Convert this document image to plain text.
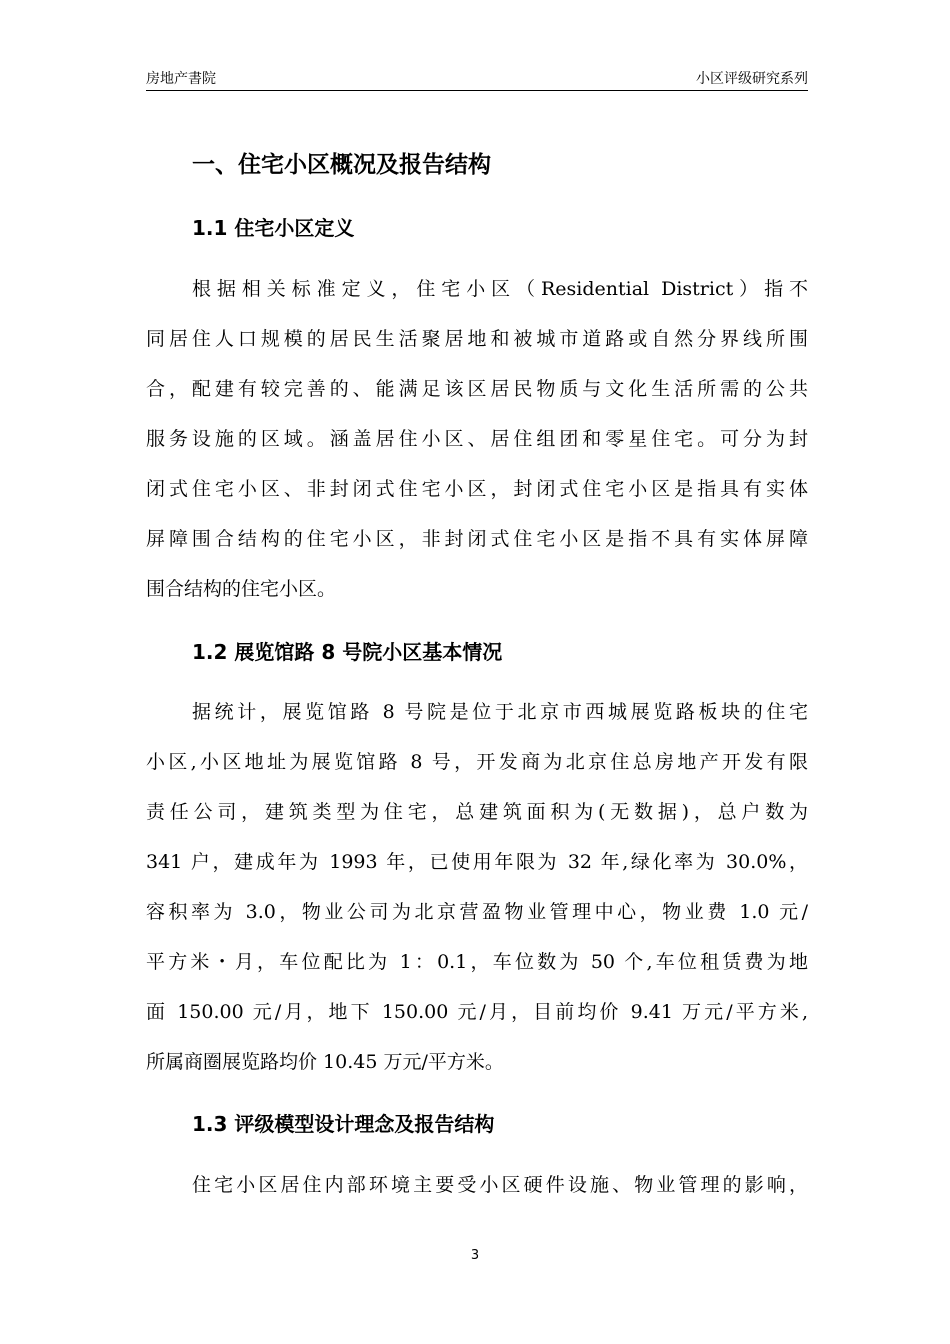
房地产書院	小区评级研究系列
一、住宅小区概况及报告结构
1.1 住宅小区定义
根据相关标准定义，住宅小区（Residential District）指不
同居住人口规模的居民生活聚居地和被城市道路或自然分界线所围
合，配建有较完善的、能满足该区居民物质与文化生活所需的公共
服务设施的区域。涵盖居住小区、居住组团和零星住宅。可分为封
闭式住宅小区、非封闭式住宅小区，封闭式住宅小区是指具有实体
屏障围合结构的住宅小区，非封闭式住宅小区是指不具有实体屏障
围合结构的住宅小区。
1.2 展览馆路 8 号院小区基本情况
据统计，展览馆路 8 号院是位于北京市西城展览路板块的住宅
小区,小区地址为展览馆路 8 号，开发商为北京住总房地产开发有限
责任公司，建筑类型为住宅，总建筑面积为(无数据)，总户数为
341 户，建成年为 1993 年，已使用年限为 32 年,绿化率为 30.0%，
容积率为 3.0，物业公司为北京营盈物业管理中心，物业费 1.0 元/
平方米・月，车位配比为 1：0.1，车位数为 50 个,车位租赁费为地
面 150.00 元/月，地下 150.00 元/月，目前均价 9.41 万元/平方米,
所属商圈展览路均价 10.45 万元/平方米。
1.3 评级模型设计理念及报告结构
住宅小区居住内部环境主要受小区硬件设施、物业管理的影响，
3
